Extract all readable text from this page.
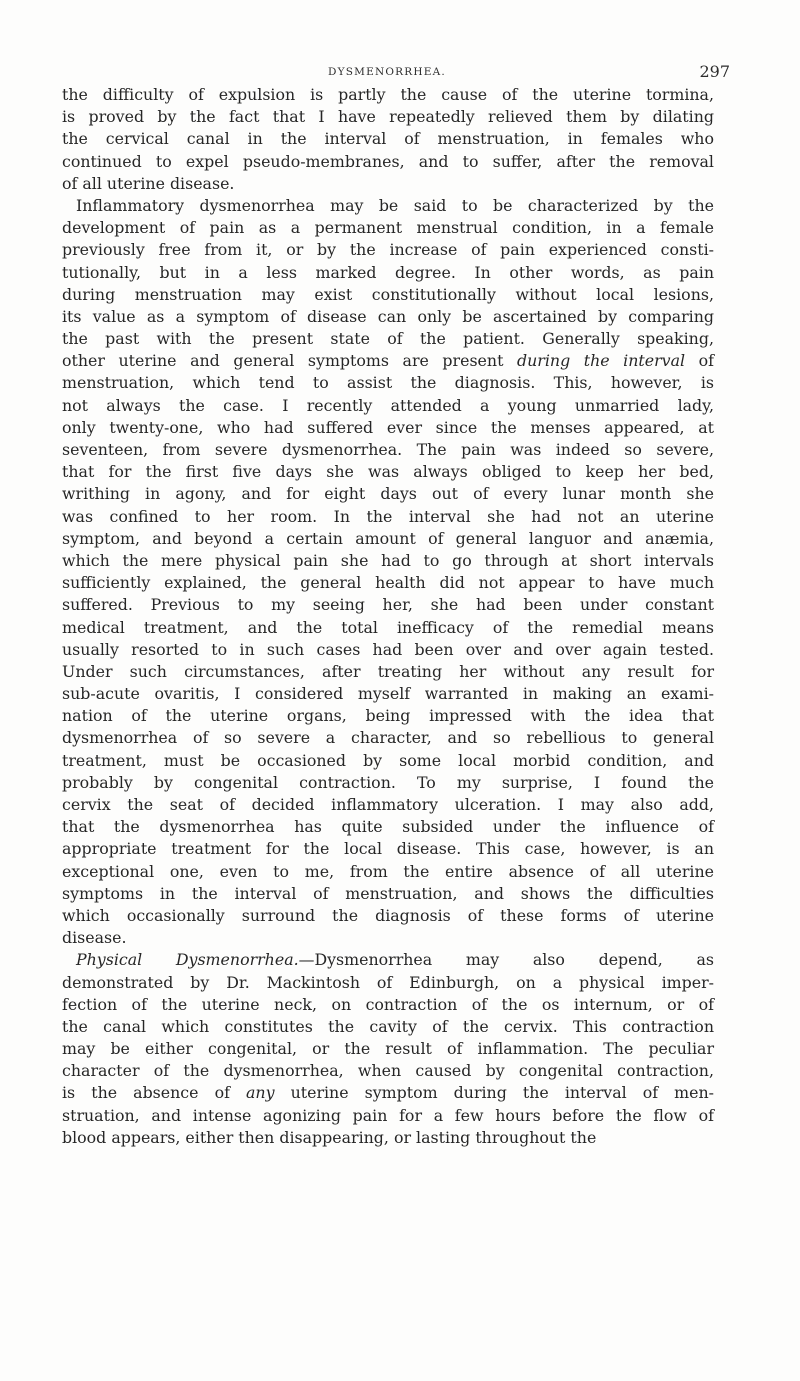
DYSMENORRHEA.	297
the difficulty of expulsion is partly the cause of the uterine tormina,
is proved by the fact that I have repeatedly relieved them by dilating
the cervical canal in the interval of menstruation, in females who
continued to expel pseudo-membranes, and to suffer, after the removal
of all uterine disease.
Inflammatory dysmenorrhea may be said to be characterized by the
development of pain as a permanent menstrual condition, in a female
previously free from it, or by the increase of pain experienced consti-
tutionally, but in a less marked degree. In other words, as pain
during menstruation may exist constitutionally without local lesions,
its value as a symptom of disease can only be ascertained by comparing
the past with the present state of the patient. Generally speaking,
other uterine and general symptoms are present during the interval of
menstruation, which tend to assist the diagnosis. This, however, is
not always the case. I recently attended a young unmarried lady,
only twenty-one, who had suffered ever since the menses appeared, at
seventeen, from severe dysmenorrhea. The pain was indeed so severe,
that for the first five days she was always obliged to keep her bed,
writhing in agony, and for eight days out of every lunar month she
was confined to her room. In the interval she had not an uterine
symptom, and beyond a certain amount of general languor and anæmia,
which the mere physical pain she had to go through at short intervals
sufficiently explained, the general health did not appear to have much
suffered. Previous to my seeing her, she had been under constant
medical treatment, and the total inefficacy of the remedial means
usually resorted to in such cases had been over and over again tested.
Under such circumstances, after treating her without any result for
sub-acute ovaritis, I considered myself warranted in making an exami-
nation of the uterine organs, being impressed with the idea that
dysmenorrhea of so severe a character, and so rebellious to general
treatment, must be occasioned by some local morbid condition, and
probably by congenital contraction. To my surprise, I found the
cervix the seat of decided inflammatory ulceration. I may also add,
that the dysmenorrhea has quite subsided under the influence of
appropriate treatment for the local disease. This case, however, is an
exceptional one, even to me, from the entire absence of all uterine
symptoms in the interval of menstruation, and shows the difficulties
which occasionally surround the diagnosis of these forms of uterine
disease.
Physical Dysmenorrhea.—Dysmenorrhea may also depend, as
demonstrated by Dr. Mackintosh of Edinburgh, on a physical imper-
fection of the uterine neck, on contraction of the os internum, or of
the canal which constitutes the cavity of the cervix. This contraction
may be either congenital, or the result of inflammation. The peculiar
character of the dysmenorrhea, when caused by congenital contraction,
is the absence of any uterine symptom during the interval of men-
struation, and intense agonizing pain for a few hours before the flow of
blood appears, either then disappearing, or lasting throughout the
